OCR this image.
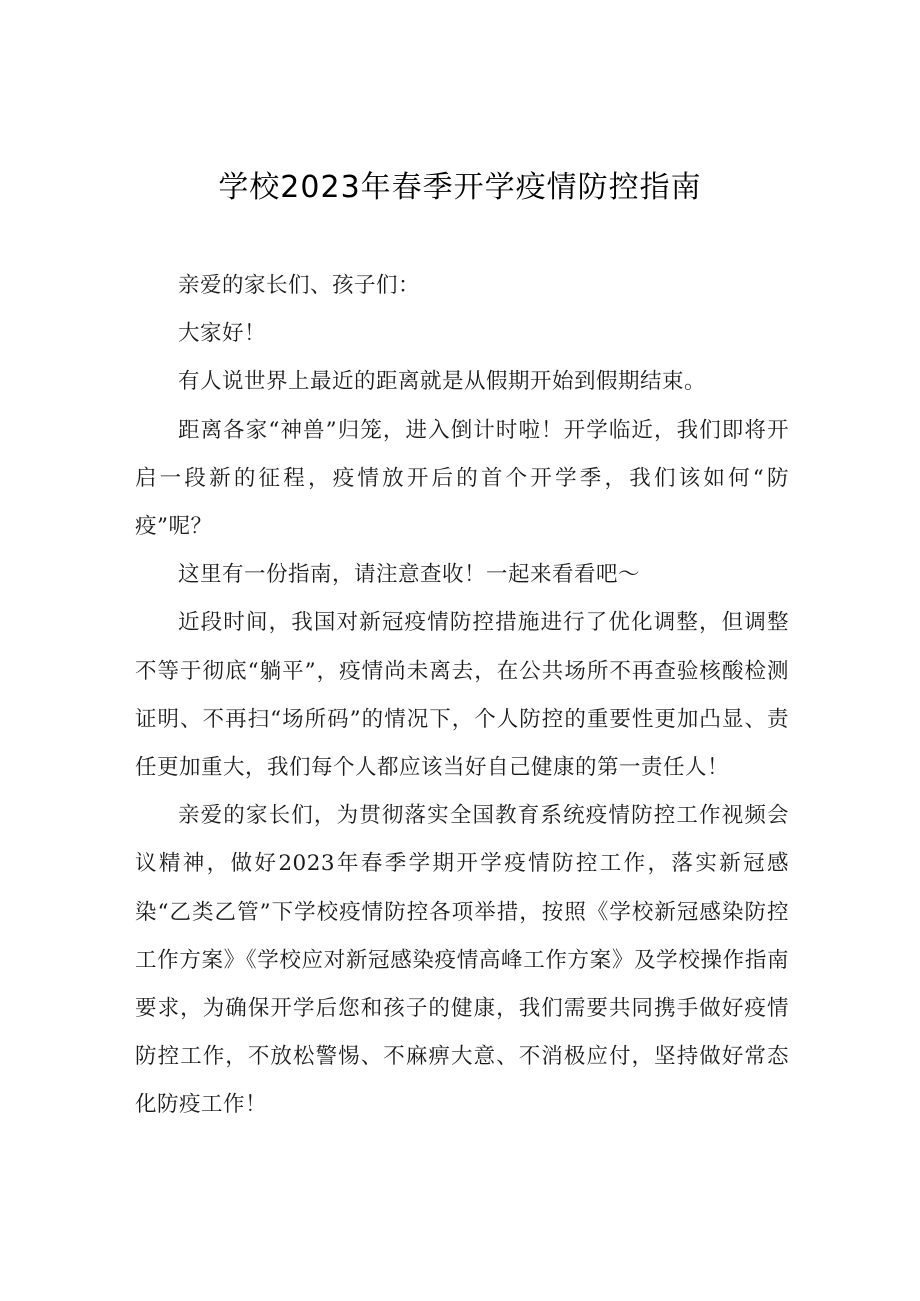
学校2023年春季开学疫情防控指南

亲爱的家长们、孩子们：

大家好！

有人说世界上最近的距离就是从假期开始到假期结束。

距离各家“神兽”归笼，进入倒计时啦！开学临近，我们即将开启一段新的征程，疫情放开后的首个开学季，我们该如何“防疫”呢？

这里有一份指南，请注意查收！一起来看看吧～

近段时间，我国对新冠疫情防控措施进行了优化调整，但调整不等于彻底“躺平”，疫情尚未离去，在公共场所不再查验核酸检测证明、不再扫“场所码”的情况下，个人防控的重要性更加凸显、责任更加重大，我们每个人都应该当好自己健康的第一责任人！

亲爱的家长们，为贯彻落实全国教育系统疫情防控工作视频会议精神，做好2023年春季学期开学疫情防控工作，落实新冠感染“乙类乙管”下学校疫情防控各项举措，按照《学校新冠感染防控工作方案》《学校应对新冠感染疫情高峰工作方案》及学校操作指南要求，为确保开学后您和孩子的健康，我们需要共同携手做好疫情防控工作，不放松警惕、不麻痹大意、不消极应付，坚持做好常态化防疫工作！
